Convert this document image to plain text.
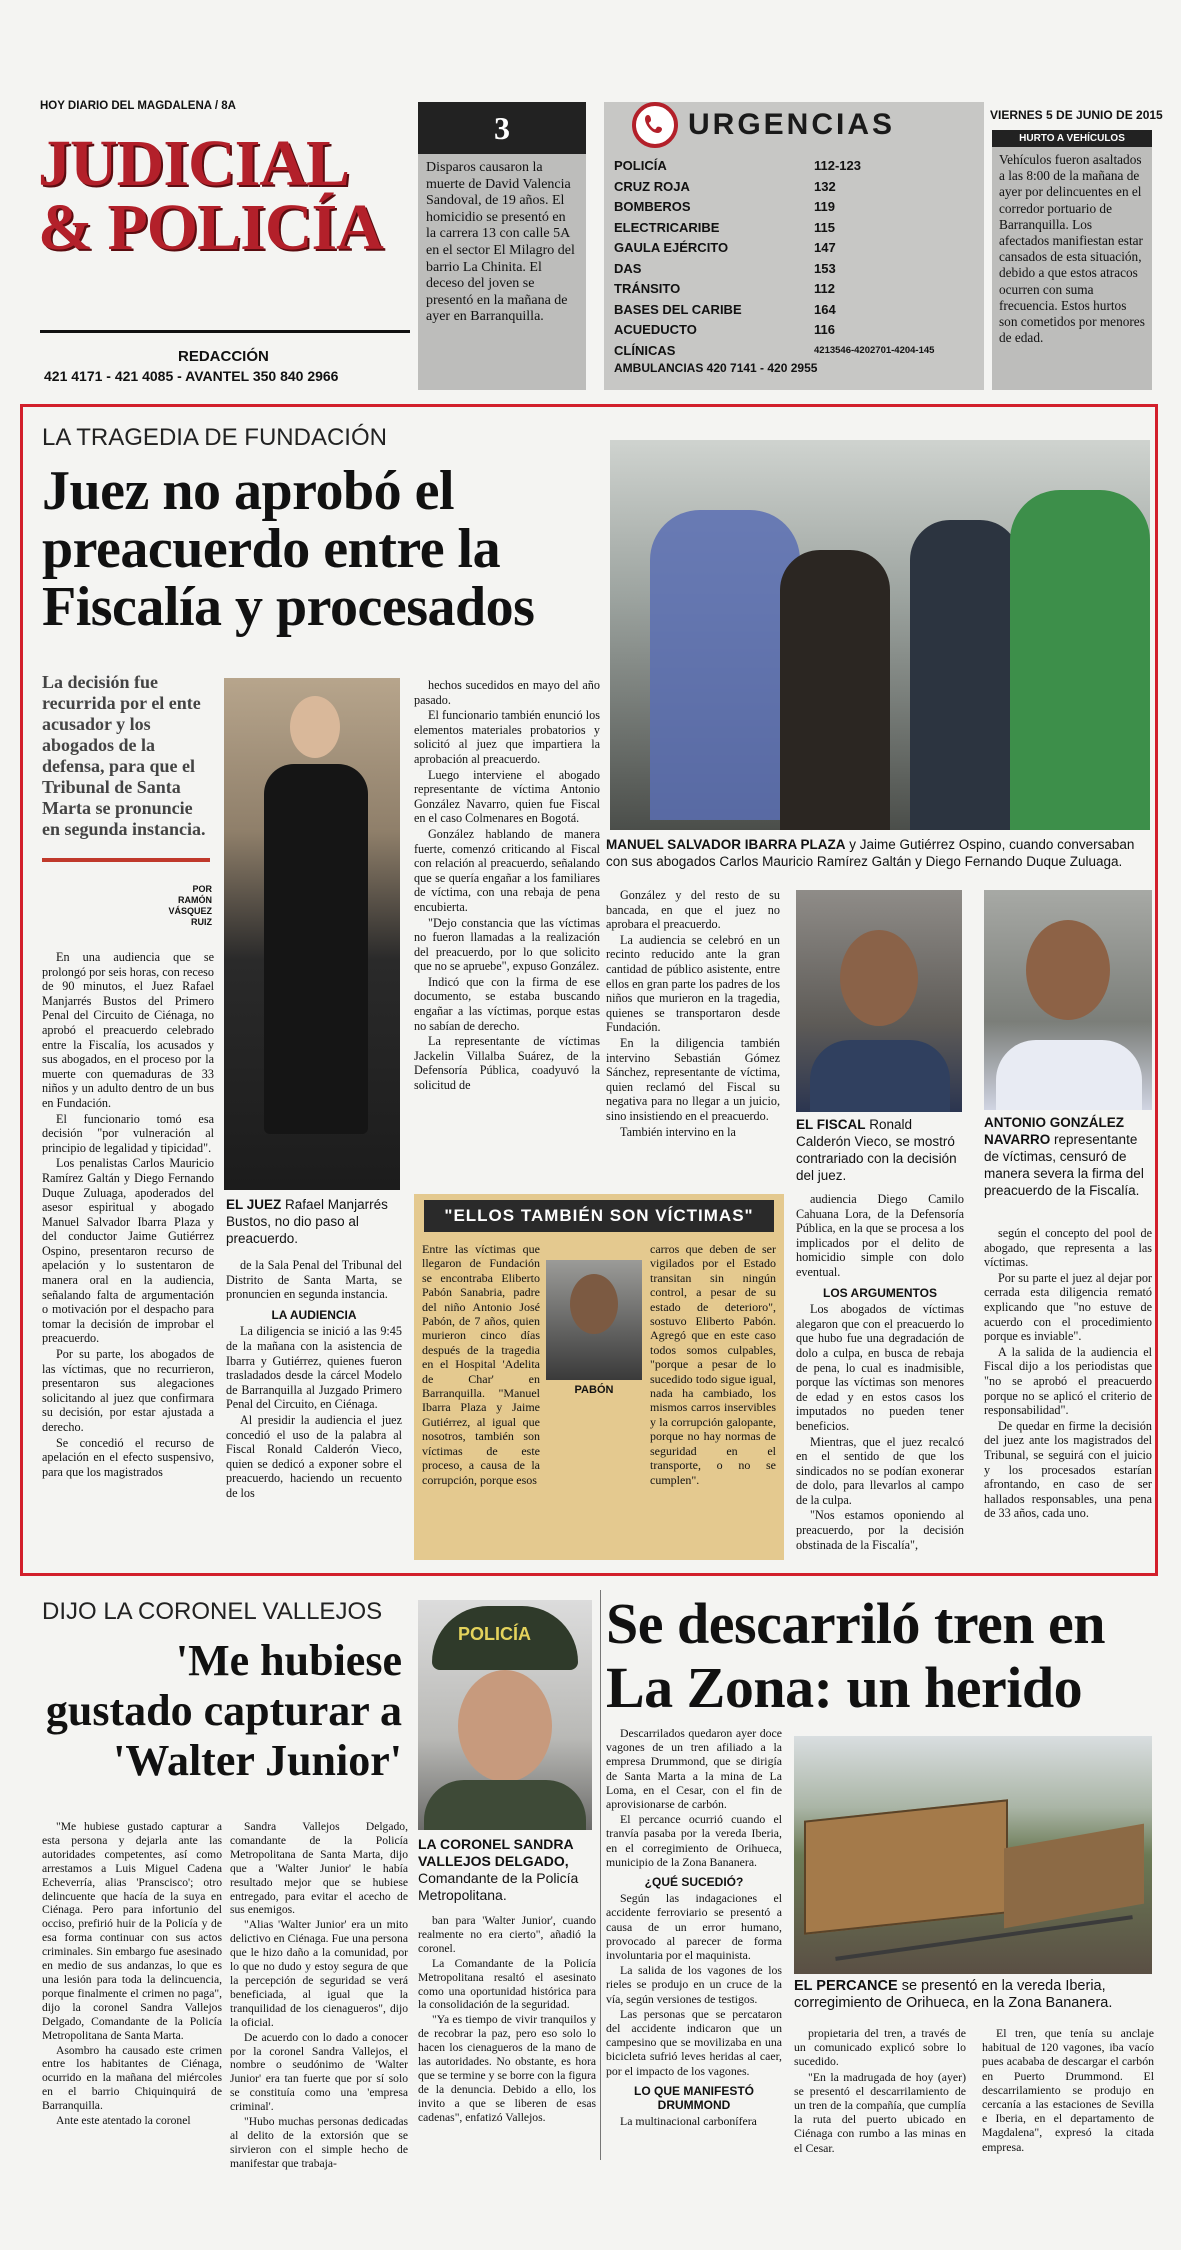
HOY DIARIO DEL MAGDALENA / 8A
JUDICIAL
& POLICÍA
REDACCIÓN
421 4171 - 421 4085 - AVANTEL 350 840 2966
3
Disparos causaron la muerte de David Valencia Sandoval, de 19 años. El homicidio se presentó en la carrera 13 con calle 5A en el sector El Milagro del barrio La Chinita. El deceso del joven se presentó en la mañana de ayer en Barranquilla.
URGENCIAS
POLICÍA	112-123
CRUZ ROJA	132
BOMBEROS	119
ELECTRICARIBE	115
GAULA EJÉRCITO	147
DAS	153
TRÁNSITO	112
BASES DEL CARIBE	164
ACUEDUCTO	116
CLÍNICAS	4213546-4202701-4204-145
AMBULANCIAS 420 7141 - 420 2955
VIERNES 5 DE JUNIO DE 2015
HURTO A VEHÍCULOS
Vehículos fueron asaltados a las 8:00 de la mañana de ayer por delincuentes en el corredor portuario de Barranquilla. Los afectados manifiestan estar cansados de esta situación, debido a que estos atracos ocurren con suma frecuencia. Estos hurtos son cometidos por menores de edad.
LA TRAGEDIA DE FUNDACIÓN
Juez no aprobó el preacuerdo entre la Fiscalía y procesados
La decisión fue recurrida por el ente acusador y los abogados de la defensa, para que el Tribunal de Santa Marta se pronuncie en segunda instancia.
POR RAMÓN VÁSQUEZ RUIZ

En una audiencia que se prolongó por seis horas, con receso de 90 minutos, el Juez Rafael Manjarrés Bustos del Primero Penal del Circuito de Ciénaga, no aprobó el preacuerdo celebrado entre la Fiscalía, los acusados y sus abogados, en el proceso por la muerte con quemaduras de 33 niños y un adulto dentro de un bus en Fundación.

El funcionario tomó esa decisión "por vulneración al principio de legalidad y tipicidad".

Los penalistas Carlos Mauricio Ramírez Galtán y Diego Fernando Duque Zuluaga, apoderados del asesor espiritual y abogado Manuel Salvador Ibarra Plaza y del conductor Jaime Gutiérrez Ospino, presentaron recurso de apelación y lo sustentaron de manera oral en la audiencia, señalando falta de argumentación o motivación por el despacho para tomar la decisión de improbar el preacuerdo.

Por su parte, los abogados de las víctimas, que no recurrieron, presentaron sus alegaciones solicitando al juez que confirmara su decisión, por estar ajustada a derecho.

Se concedió el recurso de apelación en el efecto suspensivo, para que los magistrados

EL JUEZ Rafael Manjarrés Bustos, no dio paso al preacuerdo.

de la Sala Penal del Tribunal del Distrito de Santa Marta, se pronuncien en segunda instancia.

LA AUDIENCIA

La diligencia se inició a las 9:45 de la mañana con la asistencia de Ibarra y Gutiérrez, quienes fueron trasladados desde la cárcel Modelo de Barranquilla al Juzgado Primero Penal del Circuito, en Ciénaga.

Al presidir la audiencia el juez concedió el uso de la palabra al Fiscal Ronald Calderón Vieco, quien se dedicó a exponer sobre el preacuerdo, haciendo un recuento de los

hechos sucedidos en mayo del año pasado.

El funcionario también enunció los elementos materiales probatorios y solicitó al juez que impartiera la aprobación al preacuerdo.

Luego interviene el abogado representante de víctima Antonio González Navarro, quien fue Fiscal en el caso Colmenares en Bogotá.

González hablando de manera fuerte, comenzó criticando al Fiscal con relación al preacuerdo, señalando que se quería engañar a los familiares de víctima, con una rebaja de pena encubierta.

"Dejo constancia que las víctimas no fueron llamadas a la realización del preacuerdo, por lo que solicito que no se apruebe", expuso González.

Indicó que con la firma de ese documento, se estaba buscando engañar a las víctimas, porque estas no sabían de derecho.

La representante de víctimas Jackelin Villalba Suárez, de la Defensoría Pública, coadyuvó la solicitud de

MANUEL SALVADOR IBARRA PLAZA y Jaime Gutiérrez Ospino, cuando conversaban con sus abogados Carlos Mauricio Ramírez Galtán y Diego Fernando Duque Zuluaga.

González y del resto de su bancada, en que el juez no aprobara el preacuerdo.

La audiencia se celebró en un recinto reducido ante la gran cantidad de público asistente, entre ellos en gran parte los padres de los niños que murieron en la tragedia, quienes se transportaron desde Fundación.

En la diligencia también intervino Sebastián Gómez Sánchez, representante de víctima, quien reclamó del Fiscal su negativa para no llegar a un juicio, sino insistiendo en el preacuerdo.

También intervino en la	EL FISCAL Ronald Calderón Vieco, se mostró contrariado con la decisión del juez.
ANTONIO GONZÁLEZ NAVARRO representante de víctimas, censuró de manera severa la firma del preacuerdo de la Fiscalía.

audiencia Diego Camilo Cahuana Lora, de la Defensoría Pública, en la que se procesa a los implicados por el delito de homicidio simple con dolo eventual.

LOS ARGUMENTOS

Los abogados de víctimas alegaron que con el preacuerdo lo que hubo fue una degradación de dolo a culpa, en busca de rebaja de pena, lo cual es inadmisible, porque las víctimas son menores de edad y en estos casos los imputados no pueden tener beneficios.

Mientras, que el juez recalcó en el sentido de que los sindicados no se podían exonerar de dolo, para llevarlos al campo de la culpa.

"Nos estamos oponiendo al preacuerdo, por la decisión obstinada de la Fiscalía",

según el concepto del pool de abogado, que representa a las víctimas.

Por su parte el juez al dejar por cerrada esta diligencia remató explicando que "no estuve de acuerdo con el procedimiento porque es inviable".

A la salida de la audiencia el Fiscal dijo a los periodistas que "no se aprobó el preacuerdo porque no se aplicó el criterio de responsabilidad".

De quedar en firme la decisión del juez ante los magistrados del Tribunal, se seguirá con el juicio y los procesados estarían afrontando, en caso de ser hallados responsables, una pena de 33 años, cada uno.

"ELLOS TAMBIÉN SON VÍCTIMAS"
Entre las víctimas que llegaron de Fundación se encontraba Eliberto Pabón Sanabria, padre del niño Antonio José Pabón, de 7 años, quien murieron cinco días después de la tragedia en el Hospital 'Adelita de Char' en Barranquilla. "Manuel Ibarra Plaza y Jaime Gutiérrez, al igual que nosotros, también son víctimas de este proceso, a causa de la corrupción, porque esos
PABÓN
carros que deben de ser vigilados por el Estado transitan sin ningún control, a pesar de su estado de deterioro", sostuvo Eliberto Pabón. Agregó que en este caso todos somos culpables, "porque a pesar de lo sucedido todo sigue igual, nada ha cambiado, los mismos carros inservibles y la corrupción galopante, porque no hay normas de seguridad en el transporte, o no se cumplen".
DIJO LA CORONEL VALLEJOS
'Me hubiese gustado capturar a 'Walter Junior'
POLICÍA
LA CORONEL SANDRA VALLEJOS DELGADO, Comandante de la Policía Metropolitana.

"Me hubiese gustado capturar a esta persona y dejarla ante las autoridades competentes, así como arrestamos a Luis Miguel Cadena Echeverría, alias 'Pranscisco'; otro delincuente que hacía de la suya en Ciénaga. Pero para infortunio del occiso, prefirió huir de la Policía y de esa forma continuar con sus actos criminales. Sin embargo fue asesinado en medio de sus andanzas, lo que es una lesión para toda la delincuencia, porque finalmente el crimen no paga", dijo la coronel Sandra Vallejos Delgado, Comandante de la Policía Metropolitana de Santa Marta.

Asombro ha causado este crimen entre los habitantes de Ciénaga, ocurrido en la mañana del miércoles en el barrio Chiquinquirá de Barranquilla.

Ante este atentado la coronel

Sandra Vallejos Delgado, comandante de la Policía Metropolitana de Santa Marta, dijo que a 'Walter Junior' le había resultado mejor que se hubiese entregado, para evitar el acecho de sus enemigos.

"Alias 'Walter Junior' era un mito delictivo en Ciénaga. Fue una persona que le hizo daño a la comunidad, por lo que no dudo y estoy segura de que la percepción de seguridad se verá beneficiada, al igual que la tranquilidad de los cienagueros", dijo la oficial.

De acuerdo con lo dado a conocer por la coronel Sandra Vallejos, el nombre o seudónimo de 'Walter Junior' era tan fuerte que por sí solo se constituía como una 'empresa criminal'.

"Hubo muchas personas dedicadas al delito de la extorsión que se sirvieron con el simple hecho de manifestar que trabaja-

ban para 'Walter Junior', cuando realmente no era cierto", añadió la coronel.

La Comandante de la Policía Metropolitana resaltó el asesinato como una oportunidad histórica para la consolidación de la seguridad.

"Ya es tiempo de vivir tranquilos y de recobrar la paz, pero eso solo lo hacen los cienagueros de la mano de las autoridades. No obstante, es hora que se termine y se borre con la figura de la denuncia. Debido a ello, los invito a que se liberen de esas cadenas", enfatizó Vallejos.

Se descarriló tren en La Zona: un herido

Descarrilados quedaron ayer doce vagones de un tren afiliado a la empresa Drummond, que se dirigía de Santa Marta a la mina de La Loma, en el Cesar, con el fin de aprovisionarse de carbón.

El percance ocurrió cuando el tranvía pasaba por la vereda Iberia, en el corregimiento de Orihueca, municipio de la Zona Bananera.

¿QUÉ SUCEDIÓ?

Según las indagaciones el accidente ferroviario se presentó a causa de un error humano, provocado al parecer de forma involuntaria por el maquinista.

La salida de los vagones de los rieles se produjo en un cruce de la vía, según versiones de testigos.

Las personas que se percataron del accidente indicaron que un campesino que se movilizaba en una bicicleta sufrió leves heridas al caer, por el impacto de los vagones.

LO QUE MANIFESTÓ DRUMMOND

La multinacional carbonífera

EL PERCANCE se presentó en la vereda Iberia, corregimiento de Orihueca, en la Zona Bananera.

propietaria del tren, a través de un comunicado explicó sobre lo sucedido.

"En la madrugada de hoy (ayer) se presentó el descarrilamiento de un tren de la compañía, que cumplía la ruta del puerto ubicado en Ciénaga con rumbo a las minas en el Cesar.

El tren, que tenía su anclaje habitual de 120 vagones, iba vacío pues acababa de descargar el carbón en Puerto Drummond. El descarrilamiento se produjo en cercanía a las estaciones de Sevilla e Iberia, en el departamento de Magdalena", expresó la citada empresa.
